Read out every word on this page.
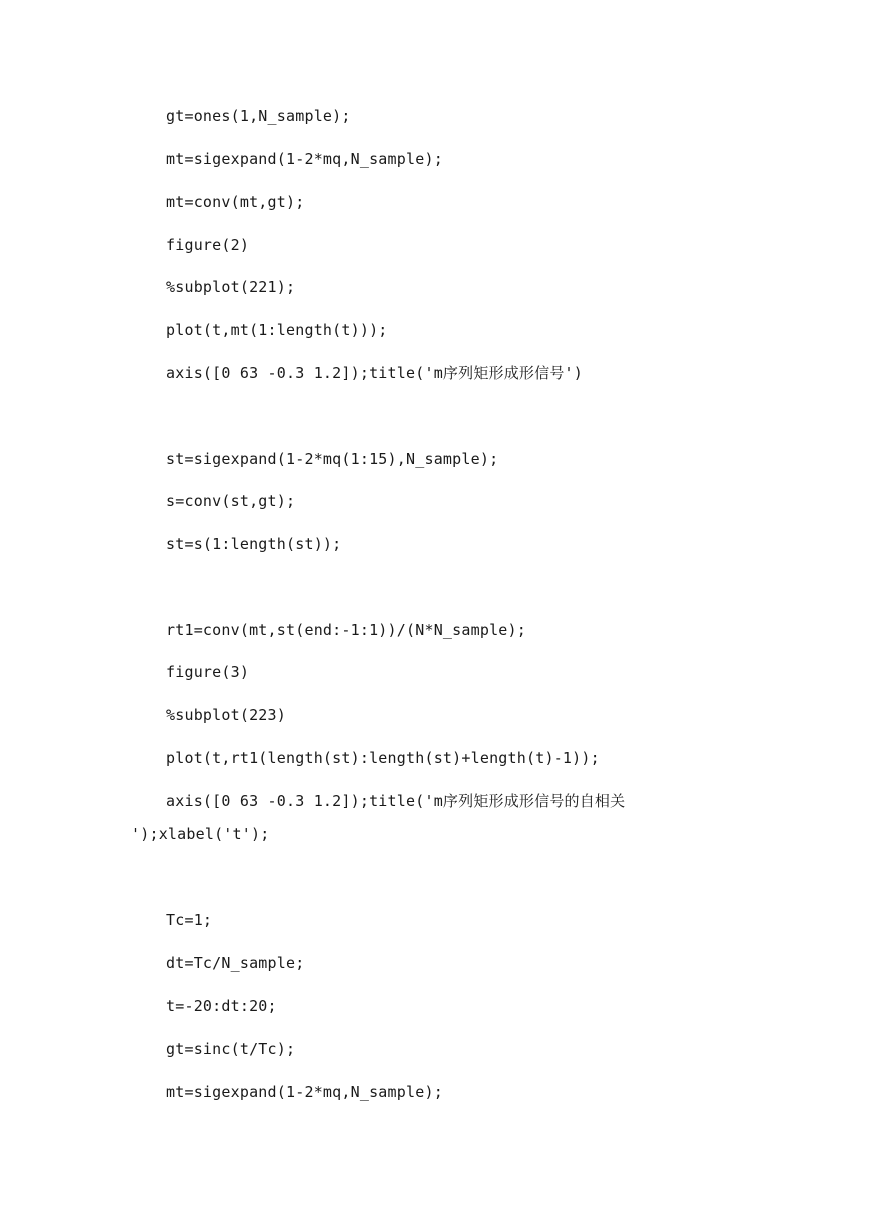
gt=ones(1,N_sample);
mt=sigexpand(1-2*mq,N_sample);
mt=conv(mt,gt);
figure(2)
%subplot(221);
plot(t,mt(1:length(t)));
axis([0 63 -0.3 1.2]);title('m序列矩形成形信号')
st=sigexpand(1-2*mq(1:15),N_sample);
s=conv(st,gt);
st=s(1:length(st));
rt1=conv(mt,st(end:-1:1))/(N*N_sample);
figure(3)
%subplot(223)
plot(t,rt1(length(st):length(st)+length(t)-1));
axis([0 63 -0.3 1.2]);title('m序列矩形成形信号的自相关
');xlabel('t');
Tc=1;
dt=Tc/N_sample;
t=-20:dt:20;
gt=sinc(t/Tc);
mt=sigexpand(1-2*mq,N_sample);
